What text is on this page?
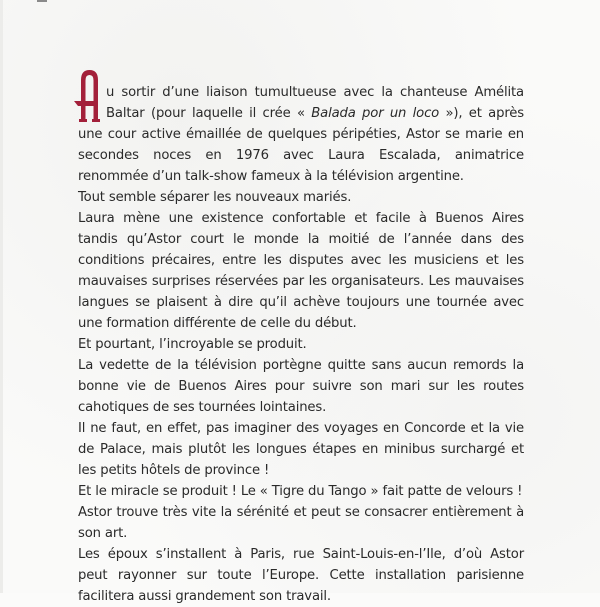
u sortir d’une liaison tumultueuse avec la chanteuse Amélita Baltar (pour laquelle il crée « Balada por un loco »), et après une cour active émaillée de quelques péripéties, Astor se marie en secondes noces en 1976 avec Laura Escalada, animatrice renommée d’un talk-show fameux à la télévision argentine.

Tout semble séparer les nouveaux mariés.

Laura mène une existence confortable et facile à Buenos Aires tandis qu’Astor court le monde la moitié de l’année dans des conditions précaires, entre les disputes avec les musiciens et les mauvaises surprises réservées par les organisateurs. Les mauvaises langues se plaisent à dire qu’il achève toujours une tournée avec une formation différente de celle du début.

Et pourtant, l’incroyable se produit.

La vedette de la télévision portègne quitte sans aucun remords la bonne vie de Buenos Aires pour suivre son mari sur les routes cahotiques de ses tournées lointaines.

Il ne faut, en effet, pas imaginer des voyages en Concorde et la vie de Palace, mais plutôt les longues étapes en minibus surchargé et les petits hôtels de province !

Et le miracle se produit ! Le « Tigre du Tango » fait patte de velours !

Astor trouve très vite la sérénité et peut se consacrer entièrement à son art.

Les époux s’installent à Paris, rue Saint-Louis-en-l’Ile, d’où Astor peut rayonner sur toute l’Europe. Cette installation parisienne facilitera aussi grandement son travail.
